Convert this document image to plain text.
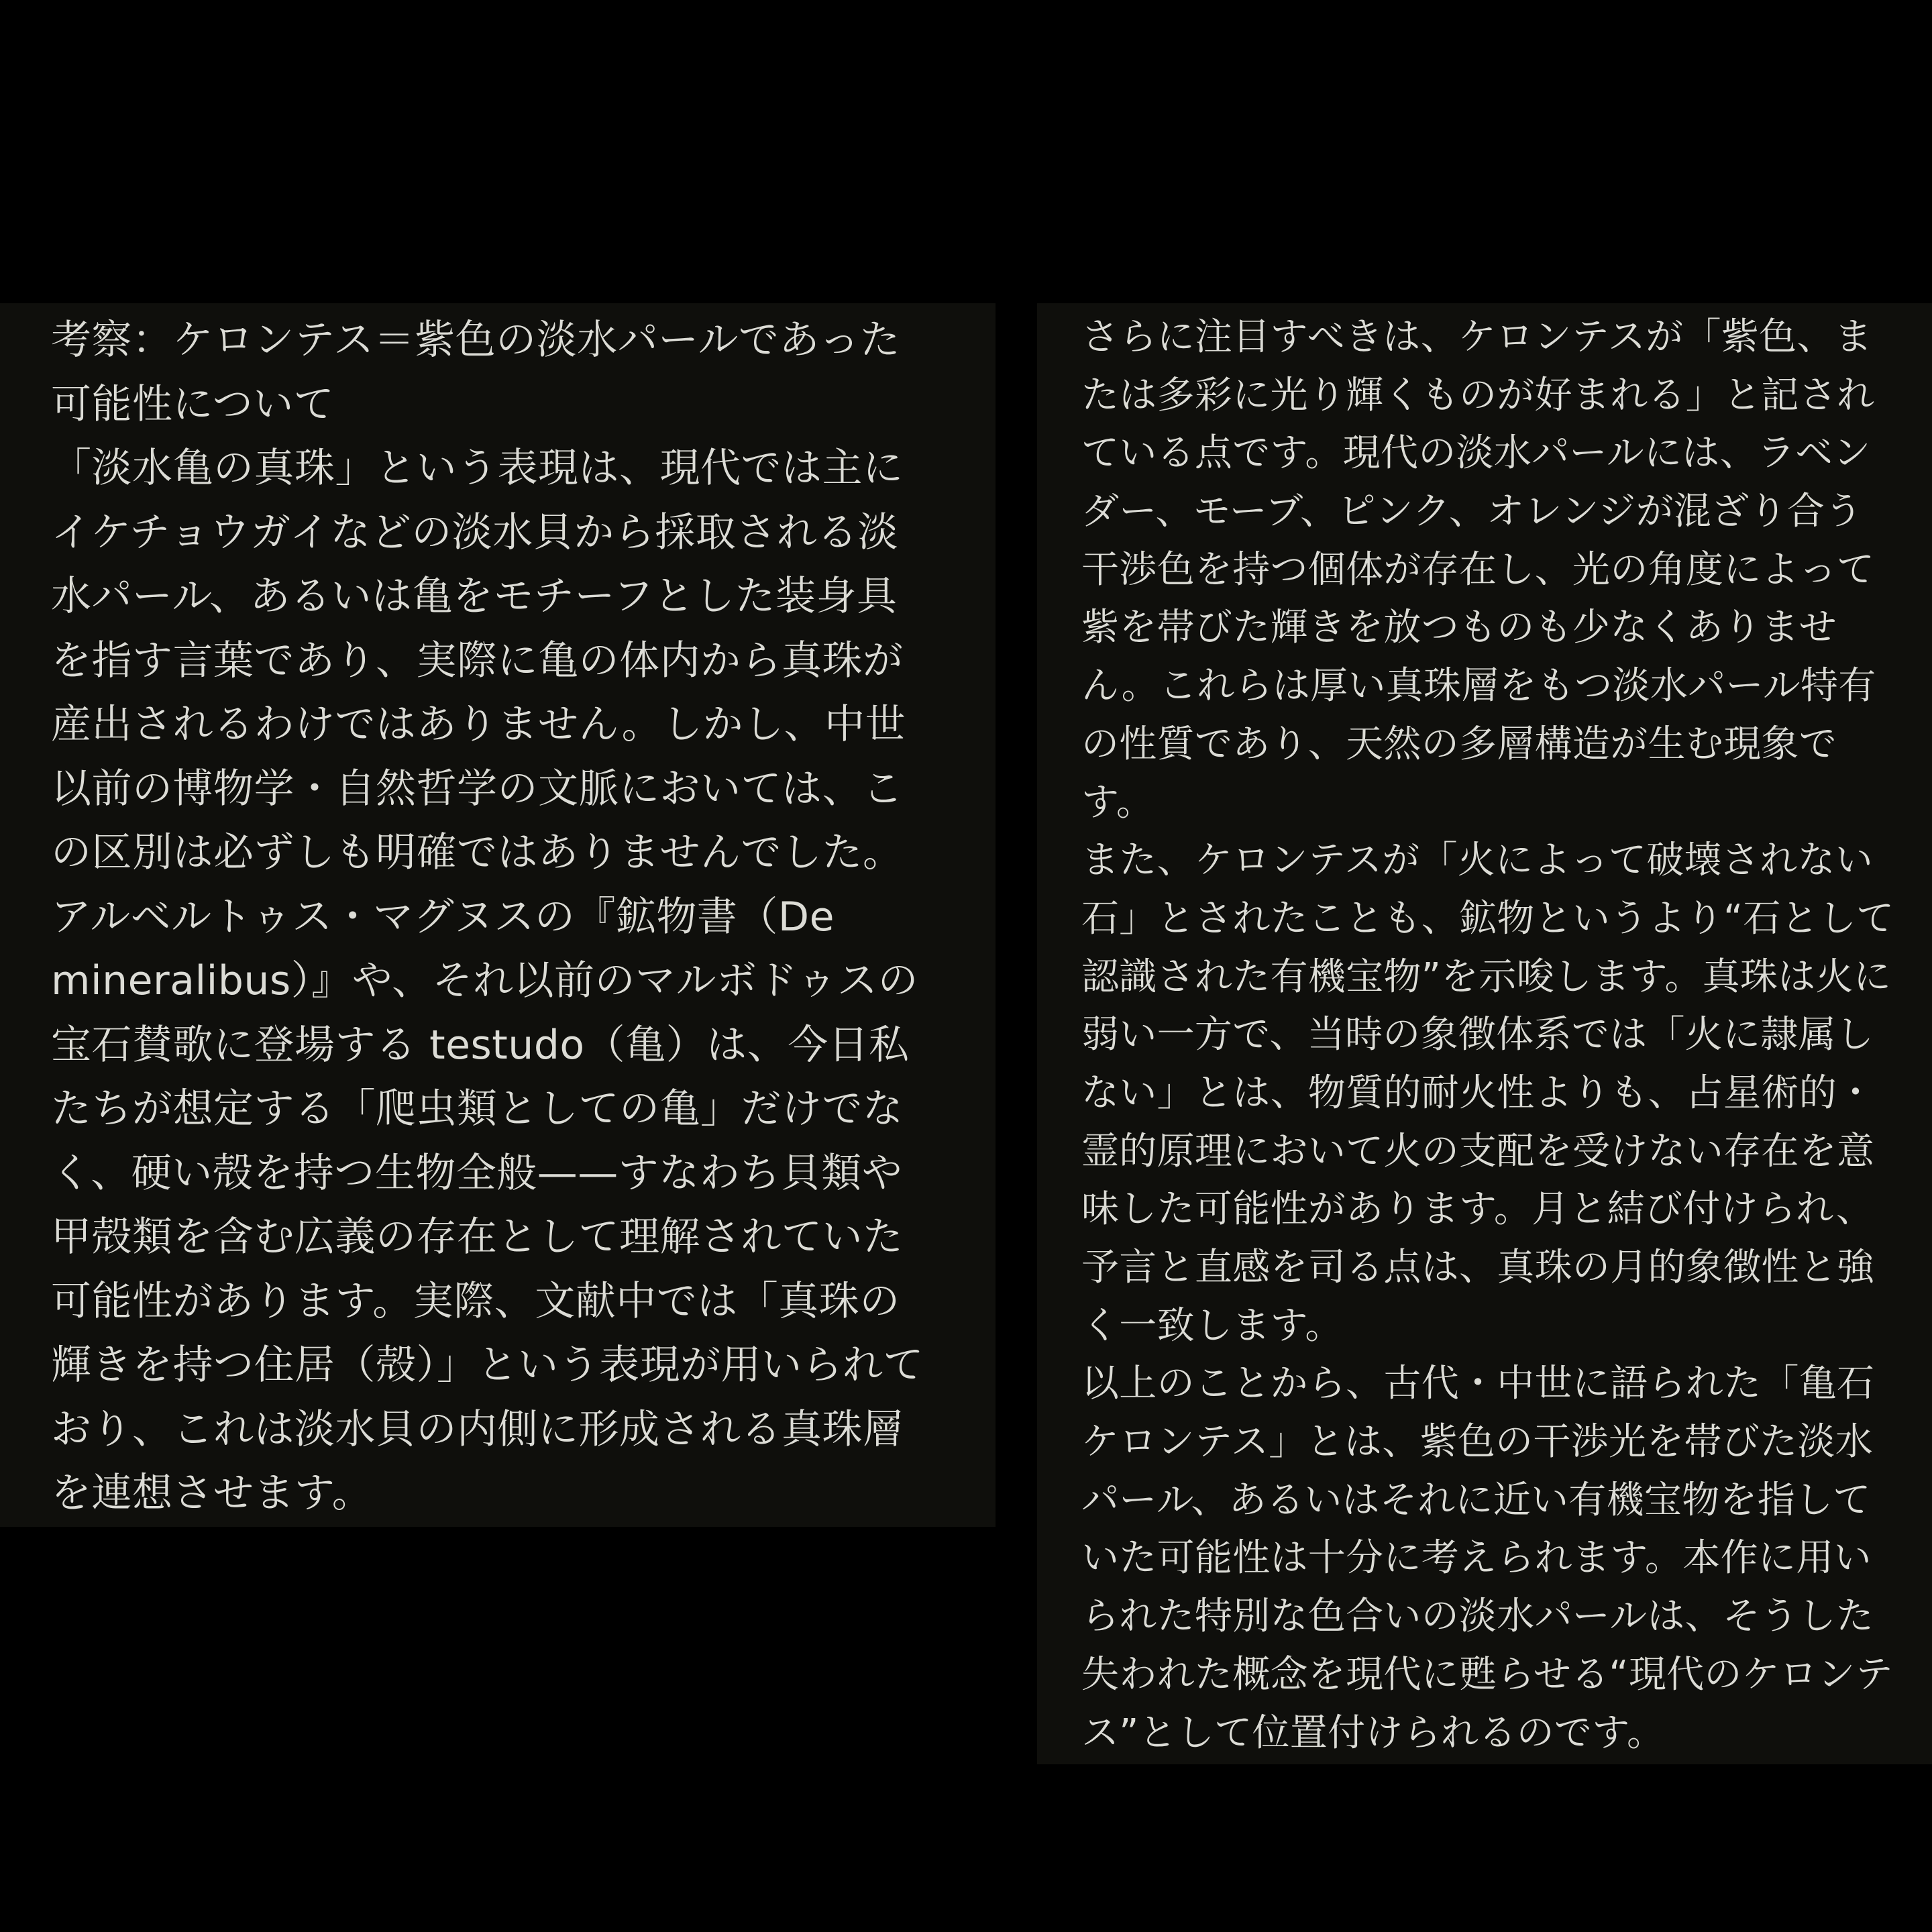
考察：ケロンテス＝紫色の淡水パールであった
可能性について
「淡水亀の真珠」という表現は、現代では主に
イケチョウガイなどの淡水貝から採取される淡
水パール、あるいは亀をモチーフとした装身具
を指す言葉であり、実際に亀の体内から真珠が
産出されるわけではありません。しかし、中世
以前の博物学・自然哲学の文脈においては、こ
の区別は必ずしも明確ではありませんでした。
アルベルトゥス・マグヌスの『鉱物書（De
mineralibus）』や、それ以前のマルボドゥスの
宝石賛歌に登場する testudo（亀）は、今日私
たちが想定する「爬虫類としての亀」だけでな
く、硬い殻を持つ生物全般——すなわち貝類や
甲殻類を含む広義の存在として理解されていた
可能性があります。実際、文献中では「真珠の
輝きを持つ住居（殻）」という表現が用いられて
おり、これは淡水貝の内側に形成される真珠層
を連想させます。
さらに注目すべきは、ケロンテスが「紫色、ま
たは多彩に光り輝くものが好まれる」と記され
ている点です。現代の淡水パールには、ラベン
ダー、モーブ、ピンク、オレンジが混ざり合う
干渉色を持つ個体が存在し、光の角度によって
紫を帯びた輝きを放つものも少なくありませ
ん。これらは厚い真珠層をもつ淡水パール特有
の性質であり、天然の多層構造が生む現象で
す。
また、ケロンテスが「火によって破壊されない
石」とされたことも、鉱物というより“石として
認識された有機宝物”を示唆します。真珠は火に
弱い一方で、当時の象徴体系では「火に隷属し
ない」とは、物質的耐火性よりも、占星術的・
霊的原理において火の支配を受けない存在を意
味した可能性があります。月と結び付けられ、
予言と直感を司る点は、真珠の月的象徴性と強
く一致します。
以上のことから、古代・中世に語られた「亀石
ケロンテス」とは、紫色の干渉光を帯びた淡水
パール、あるいはそれに近い有機宝物を指して
いた可能性は十分に考えられます。本作に用い
られた特別な色合いの淡水パールは、そうした
失われた概念を現代に甦らせる“現代のケロンテ
ス”として位置付けられるのです。
